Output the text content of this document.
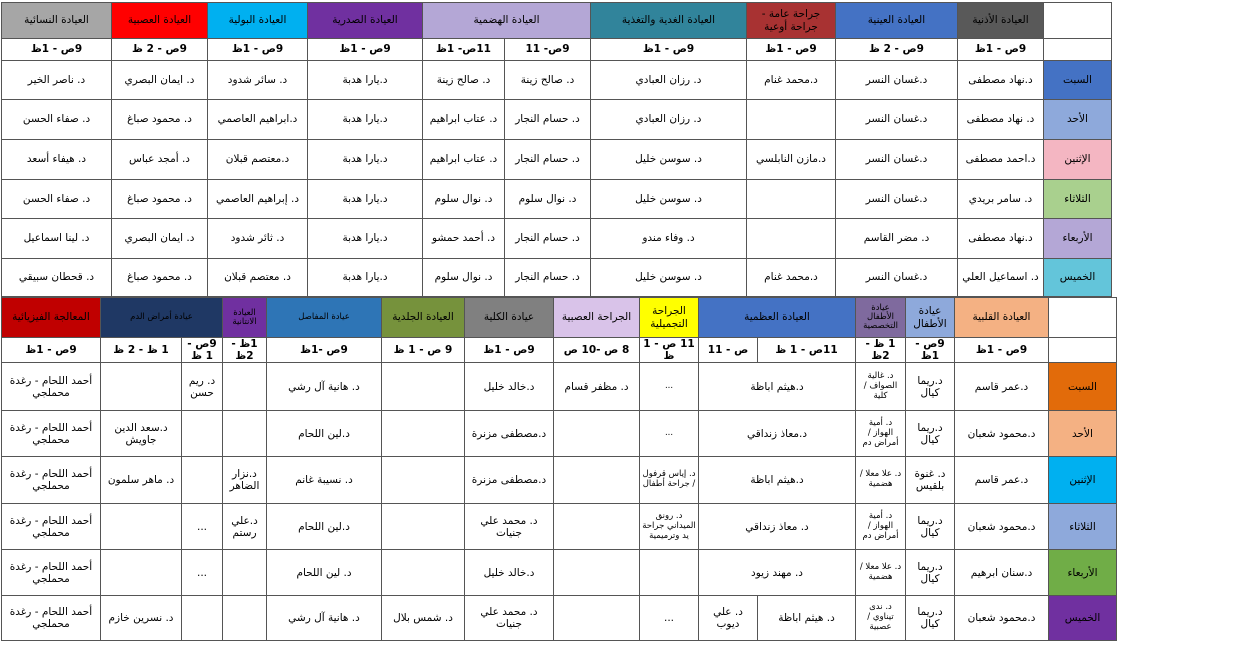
	العيادة الأذنية	العيادة العينية	جراحة عامة - جراحة أوعية	العيادة الغدية والتغذية	العيادة الهضمية		العيادة الصدرية	العيادة البولية	العيادة العصبية	العيادة النسائية
	9ص - 1ظ	9ص - 2 ظ	9ص - 1ظ	9ص - 1ظ	9ص- 11	11ص- 1ظ	9ص - 1ظ	9ص - 1ظ	9ص - 2 ظ	9ص - 1ظ
السبت	د.نهاد مصطفى	د.غسان النسر	د.محمد غنام	د. رزان العبادي	د. صالح زينة	د. صالح زينة	د.يارا هدبة	د. سائر شدود	د. ايمان البصري	د. ناصر الخير
الأحد	د. نهاد مصطفى	د.غسان النسر		د. رزان العبادي	د. حسام النجار	د. عتاب ابراهيم	د.يارا هدبة	د.ابراهيم العاصمي	د. محمود صباغ	د. صفاء الحسن
الإثنين	د.احمد مصطفى	د.غسان النسر	د.مازن النابلسي	د. سوسن خليل	د. حسام النجار	د. عتاب ابراهيم	د.يارا هدبة	د.معتصم قبلان	د. أمجد عباس	د. هيفاء أسعد
الثلاثاء	د. سامر بريدي	د.غسان النسر		د. سوسن خليل	د. نوال سلوم	د. نوال سلوم	د.يارا هدبة	د. إبراهيم العاصمي	د. محمود صباغ	د. صفاء الحسن
الأربعاء	د.نهاد مصطفى	د. مضر القاسم		د. وفاء مندو	د. حسام النجار	د. أحمد حمشو	د.يارا هدبة	د. ثائر شدود	د. ايمان البصري	د. لينا اسماعيل
الخميس	د. اسماعيل العلي	د.غسان النسر	د.محمد غنام	د. سوسن خليل	د. حسام النجار	د. نوال سلوم	د.يارا هدبة	د. معتصم قبلان	د. محمود صباغ	د. قحطان سبيقي
	العيادة القلبية	عيادة الأطفال	عيادة الأطفال التخصصية	العيادة العظمية		الجراحة التجميلية	الجراحة العصبية	عيادة الكلية	العيادة الجلدية	عيادة المفاصل	العيادة الانتانية	عيادة أمراض الدم		المعالجة الفيزيائية
	9ص - 1ظ	9ص - 1ظ	1 ظ - 2ظ	11ص - 1 ظ	ص - 11	11 ص - 1 ظ	8 ص -10 ص	9ص - 1ظ	9 ص - 1 ظ	9ص -1ظ	1ظ - 2ظ	9ص - 1 ظ	1 ظ - 2 ظ	9ص - 1ظ
السبت	د.عمر قاسم	د.ريما كيال	د. غالية الصواف / كلية	د.هيثم اباظة		...	د. مظفر قسام	د.خالد خليل		د. هانية آل رشي		د. ريم حسن		أحمد اللحام - رغدة محملجي
الأحد	د.محمود شعبان	د.ريما كيال	د. أمية الهواز / أمراض دم	د.معاذ زنداقي		...		د.مصطفى مزنرة		د.لين اللحام			د.سعد الدين جاويش	أحمد اللحام - رغدة محملجي
الإثنين	د.عمر قاسم	د. غنوة بلقيس	د. علا معلا / هضمية	د.هيثم اباظة		د. إياس قرفول / جراحة أطفال		د.مصطفى مزنرة		د. نسيبة غانم	د.نزار الضاهر		د. ماهر سلمون	أحمد اللحام - رغدة محملجي
الثلاثاء	د.محمود شعبان	د.ريما كيال	د. أمية الهواز / أمراض دم	د. معاذ زنداقي		د. رونق الميداني جراحة يد وترميمية		د. محمد علي جنيات		د.لين اللحام	د.علي رستم	...		أحمد اللحام - رغدة محملجي
الأربعاء	د.سنان ابرهيم	د.ريما كيال	د. علا معلا / هضمية	د. مهند زيود				د.خالد خليل		د. لين اللحام		...		أحمد اللحام - رغدة محملجي
الخميس	د.محمود شعبان	د.ريما كيال	د. ندى تيناوي / عصبية	د. هيثم اباظة	د. علي ديوب	...		د. محمد علي جنيات	د. شمس بلال	د. هانية آل رشي			د. نسرين خازم	أحمد اللحام - رغدة محملجي
